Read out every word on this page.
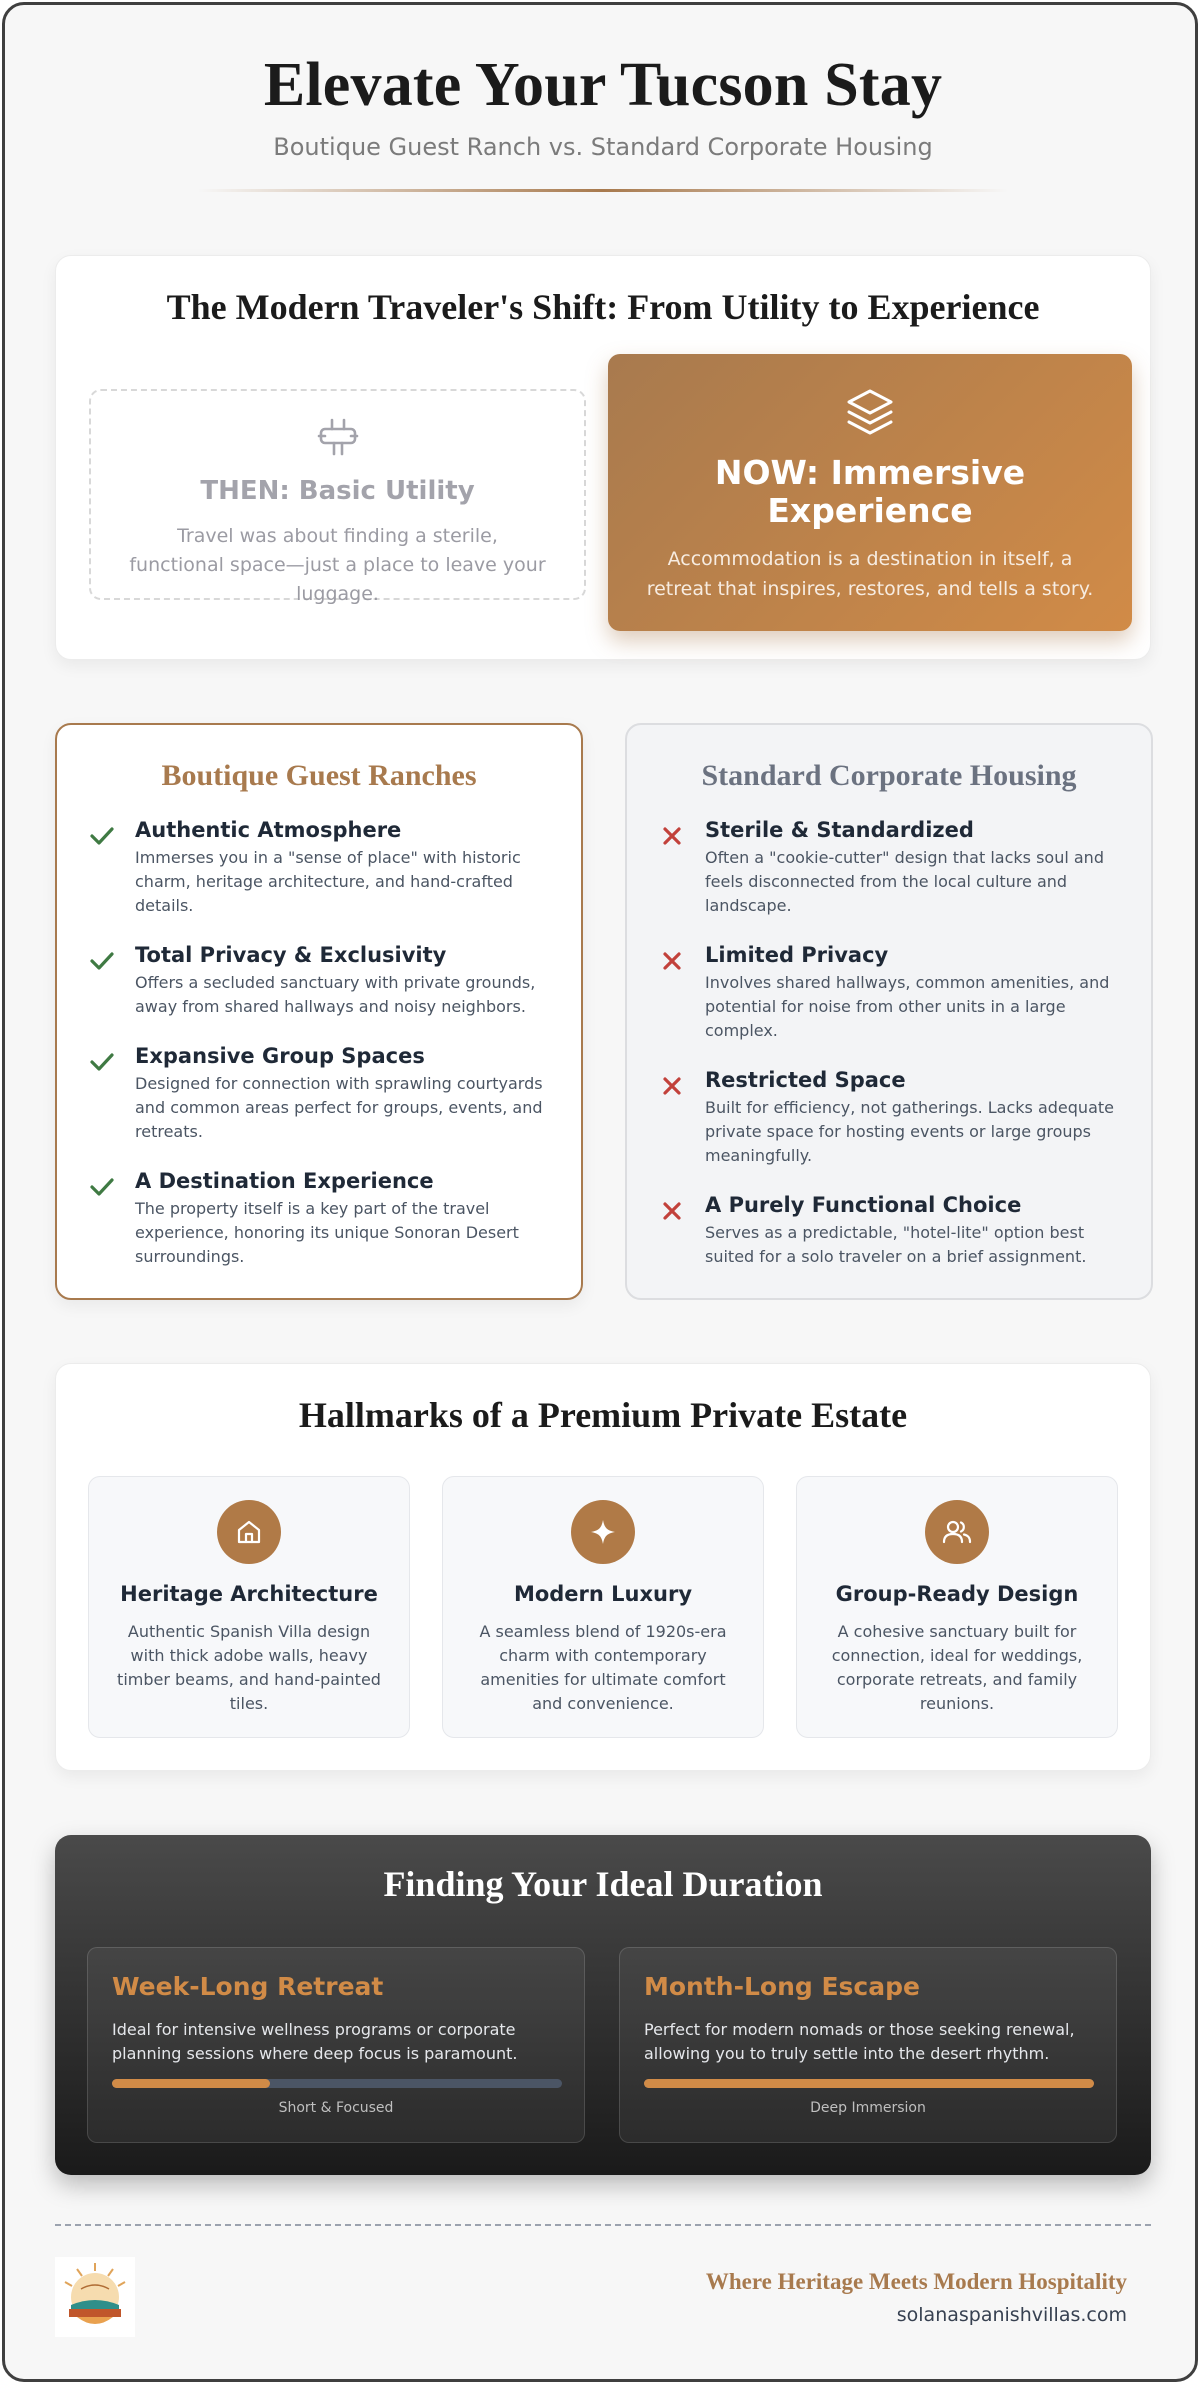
Elevate Your Tucson Stay
Boutique Guest Ranch vs. Standard Corporate Housing
The Modern Traveler's Shift: From Utility to Experience
THEN: Basic Utility
Travel was about finding a sterile, functional space—just a place to leave your luggage.
NOW: Immersive Experience
Accommodation is a destination in itself, a retreat that inspires, restores, and tells a story.
Boutique Guest Ranches
Authentic Atmosphere
Immerses you in a "sense of place" with historic charm, heritage architecture, and hand-crafted details.
Total Privacy & Exclusivity
Offers a secluded sanctuary with private grounds, away from shared hallways and noisy neighbors.
Expansive Group Spaces
Designed for connection with sprawling courtyards and common areas perfect for groups, events, and retreats.
A Destination Experience
The property itself is a key part of the travel experience, honoring its unique Sonoran Desert surroundings.
Standard Corporate Housing
Sterile & Standardized
Often a "cookie-cutter" design that lacks soul and feels disconnected from the local culture and landscape.
Limited Privacy
Involves shared hallways, common amenities, and potential for noise from other units in a large complex.
Restricted Space
Built for efficiency, not gatherings. Lacks adequate private space for hosting events or large groups meaningfully.
A Purely Functional Choice
Serves as a predictable, "hotel-lite" option best suited for a solo traveler on a brief assignment.
Hallmarks of a Premium Private Estate
Heritage Architecture
Authentic Spanish Villa design with thick adobe walls, heavy timber beams, and hand-painted tiles.
Modern Luxury
A seamless blend of 1920s-era charm with contemporary amenities for ultimate comfort and convenience.
Group-Ready Design
A cohesive sanctuary built for connection, ideal for weddings, corporate retreats, and family reunions.
Finding Your Ideal Duration
Week-Long Retreat
Ideal for intensive wellness programs or corporate planning sessions where deep focus is paramount.
Short & Focused
Month-Long Escape
Perfect for modern nomads or those seeking renewal, allowing you to truly settle into the desert rhythm.
Deep Immersion
Where Heritage Meets Modern Hospitality
solanaspanishvillas.com
